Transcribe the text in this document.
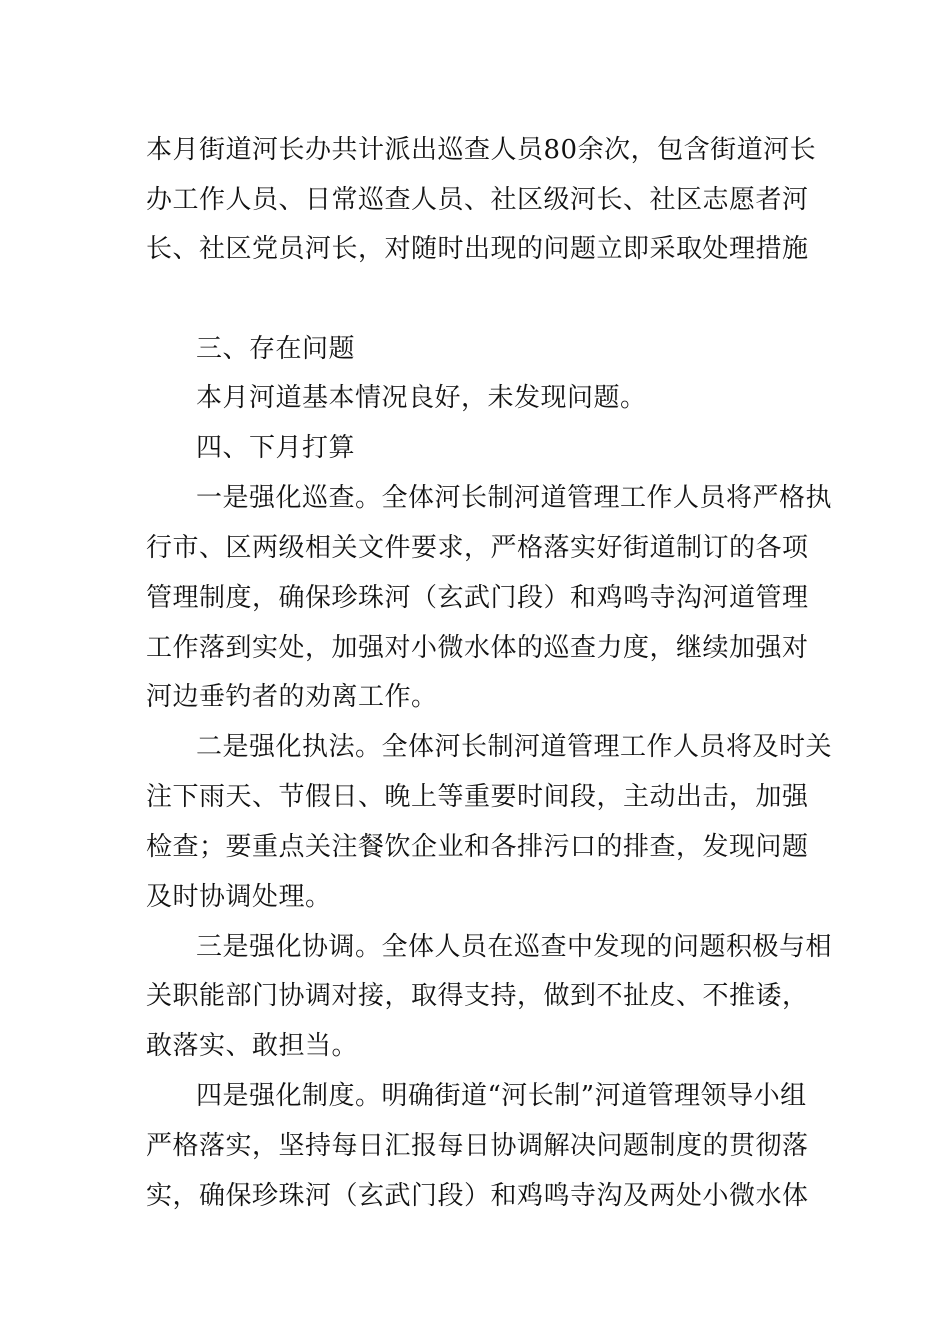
本月街道河长办共计派出巡查人员80余次，包含街道河长
办工作人员、日常巡查人员、社区级河长、社区志愿者河
长、社区党员河长，对随时出现的问题立即采取处理措施
三、存在问题
本月河道基本情况良好，未发现问题。
四、下月打算
一是强化巡查。全体河长制河道管理工作人员将严格执
行市、区两级相关文件要求，严格落实好街道制订的各项
管理制度，确保珍珠河（玄武门段）和鸡鸣寺沟河道管理
工作落到实处，加强对小微水体的巡查力度，继续加强对
河边垂钓者的劝离工作。
二是强化执法。全体河长制河道管理工作人员将及时关
注下雨天、节假日、晚上等重要时间段，主动出击，加强
检查；要重点关注餐饮企业和各排污口的排查，发现问题
及时协调处理。
三是强化协调。全体人员在巡查中发现的问题积极与相
关职能部门协调对接，取得支持，做到不扯皮、不推诿，
敢落实、敢担当。
四是强化制度。明确街道“河长制”河道管理领导小组
严格落实，坚持每日汇报每日协调解决问题制度的贯彻落
实，确保珍珠河（玄武门段）和鸡鸣寺沟及两处小微水体
